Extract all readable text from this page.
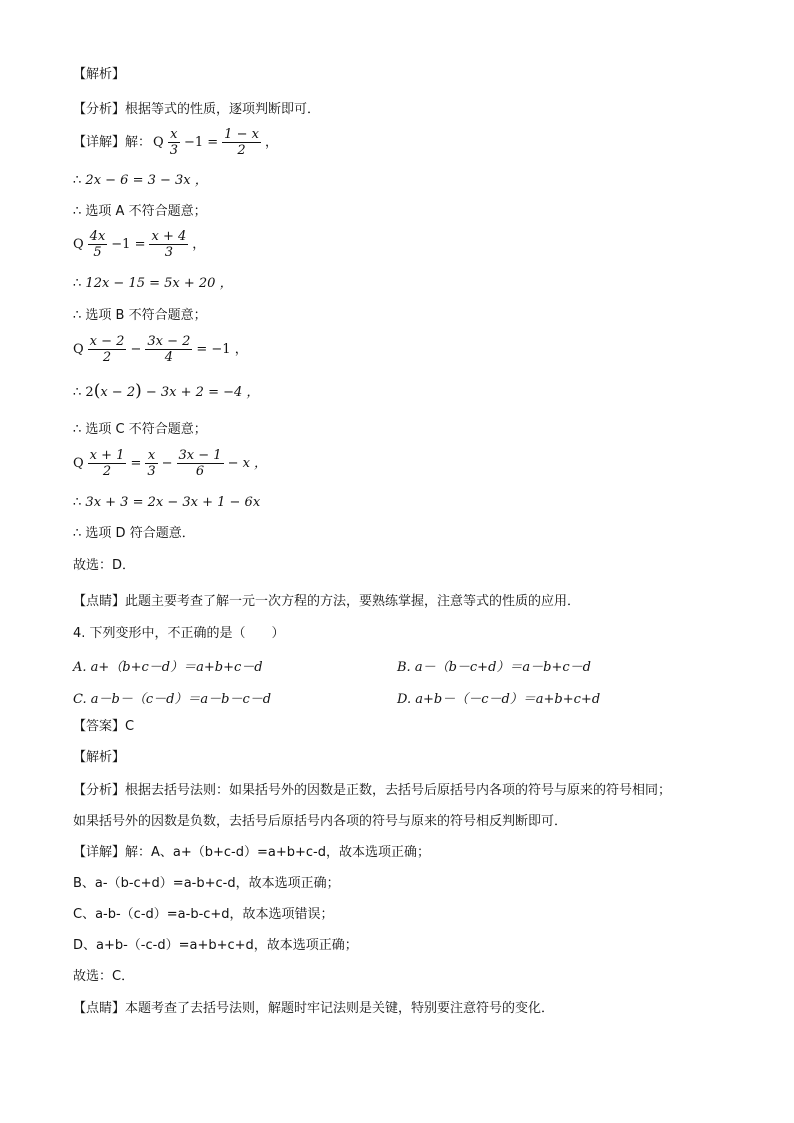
【解析】
【分析】根据等式的性质，逐项判断即可．
【详解】解： Q $\frac{x}{3} -1 = \frac{1 - x}{2}$ ，
∴ 2x − 6 = 3 − 3x ，
∴ 选项 A 不符合题意；
Q $\frac{4x}{5} -1 = \frac{x + 4}{3}$ ，
∴ 12x − 15 = 5x + 20 ，
∴ 选项 B 不符合题意；
Q $\frac{x - 2}{2} - \frac{3x - 2}{4} = -1$ ，
∴ 2(x − 2) − 3x + 2 = −4 ，
∴ 选项 C 不符合题意；
Q $\frac{x + 1}{2} = \frac{x}{3} - \frac{3x - 1}{6} - x$ ，
∴ 3x + 3 = 2x − 3x + 1 − 6x
∴ 选项 D 符合题意．
故选：D．
【点睛】此题主要考查了解一元一次方程的方法，要熟练掌握，注意等式的性质的应用．
4. 下列变形中，不正确的是（　　）
A. a+（b+c－d）＝a+b+c－d	B. a－（b－c+d）＝a－b+c－d
C. a－b－（c－d）＝a－b－c－d	D. a+b－（－c－d）＝a+b+c+d
【答案】C
【解析】
【分析】根据去括号法则：如果括号外的因数是正数，去括号后原括号内各项的符号与原来的符号相同；
如果括号外的因数是负数，去括号后原括号内各项的符号与原来的符号相反判断即可．
【详解】解：A、a+（b+c-d）=a+b+c-d，故本选项正确；
B、a-（b-c+d）=a-b+c-d，故本选项正确；
C、a-b-（c-d）=a-b-c+d，故本选项错误；
D、a+b-（-c-d）=a+b+c+d，故本选项正确；
故选：C．
【点睛】本题考查了去括号法则，解题时牢记法则是关键，特别要注意符号的变化．
